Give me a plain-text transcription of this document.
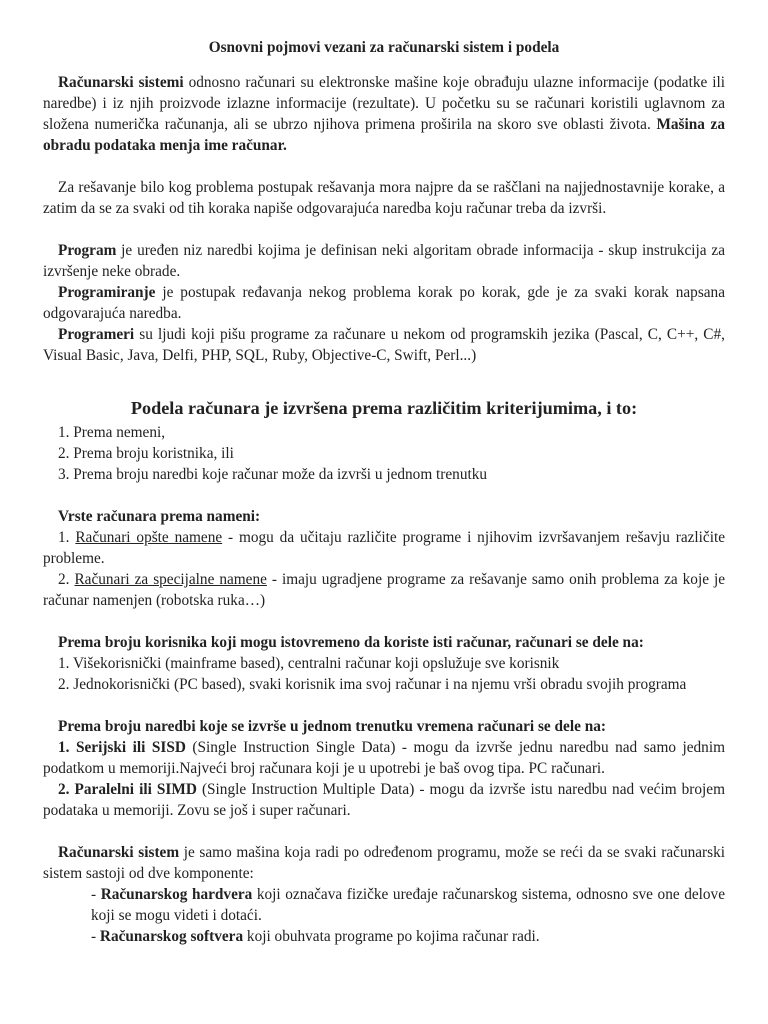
Osnovni pojmovi vezani za računarski sistem i podela

Računarski sistemi odnosno računari su elektronske mašine koje obrađuju ulazne informacije (podatke ili naredbe) i iz njih proizvode izlazne informacije (rezultate). U početku su se računari koristili uglavnom za složena numerička računanja, ali se ubrzo njihova primena proširila na skoro sve oblasti života. Mašina za obradu podataka menja ime računar.

Za rešavanje bilo kog problema postupak rešavanja mora najpre da se raščlani na najjednostavnije korake, a zatim da se za svaki od tih koraka napiše odgovarajuća naredba koju računar treba da izvrši.

Program je uređen niz naredbi kojima je definisan neki algoritam obrade informacija - skup instrukcija za izvršenje neke obrade.

Programiranje je postupak ređavanja nekog problema korak po korak, gde je za svaki korak napsana odgovarajuća naredba.

Programeri su ljudi koji pišu programe za računare u nekom od programskih jezika (Pascal, C, C++, C#, Visual Basic, Java, Delfi, PHP, SQL, Ruby, Objective-C, Swift, Perl...)

Podela računara je izvršena prema različitim kriterijumima, i to:

1. Prema nemeni,

2. Prema broju koristnika, ili

3. Prema broju naredbi koje računar može da izvrši u jednom trenutku

Vrste računara prema nameni:

1. Računari opšte namene - mogu da učitaju različite programe i njihovim izvršavanjem rešavju različite probleme.

2. Računari za specijalne namene - imaju ugradjene programe za rešavanje samo onih problema za koje je računar namenjen (robotska ruka…)

Prema broju korisnika koji mogu istovremeno da koriste isti računar, računari se dele na:

1. Višekorisnički (mainframe based), centralni računar koji opslužuje sve korisnik

2. Jednokorisnički (PC based), svaki korisnik ima svoj računar i na njemu vrši obradu svojih programa

Prema broju naredbi koje se izvrše u jednom trenutku vremena računari se dele na:

1. Serijski ili SISD (Single Instruction Single Data) - mogu da izvrše jednu naredbu nad samo jednim podatkom u memoriji.Najveći broj računara koji je u upotrebi je baš ovog tipa. PC računari.

2. Paralelni ili SIMD (Single Instruction Multiple Data) - mogu da izvrše istu naredbu nad većim brojem podataka u memoriji. Zovu se još i super računari.

Računarski sistem je samo mašina koja radi po određenom programu, može se reći da se svaki računarski sistem sastoji od dve komponente:

- Računarskog hardvera koji označava fizičke uređaje računarskog sistema, odnosno sve one delove koji se mogu videti i dotaći.

- Računarskog softvera koji obuhvata programe po kojima računar radi.
